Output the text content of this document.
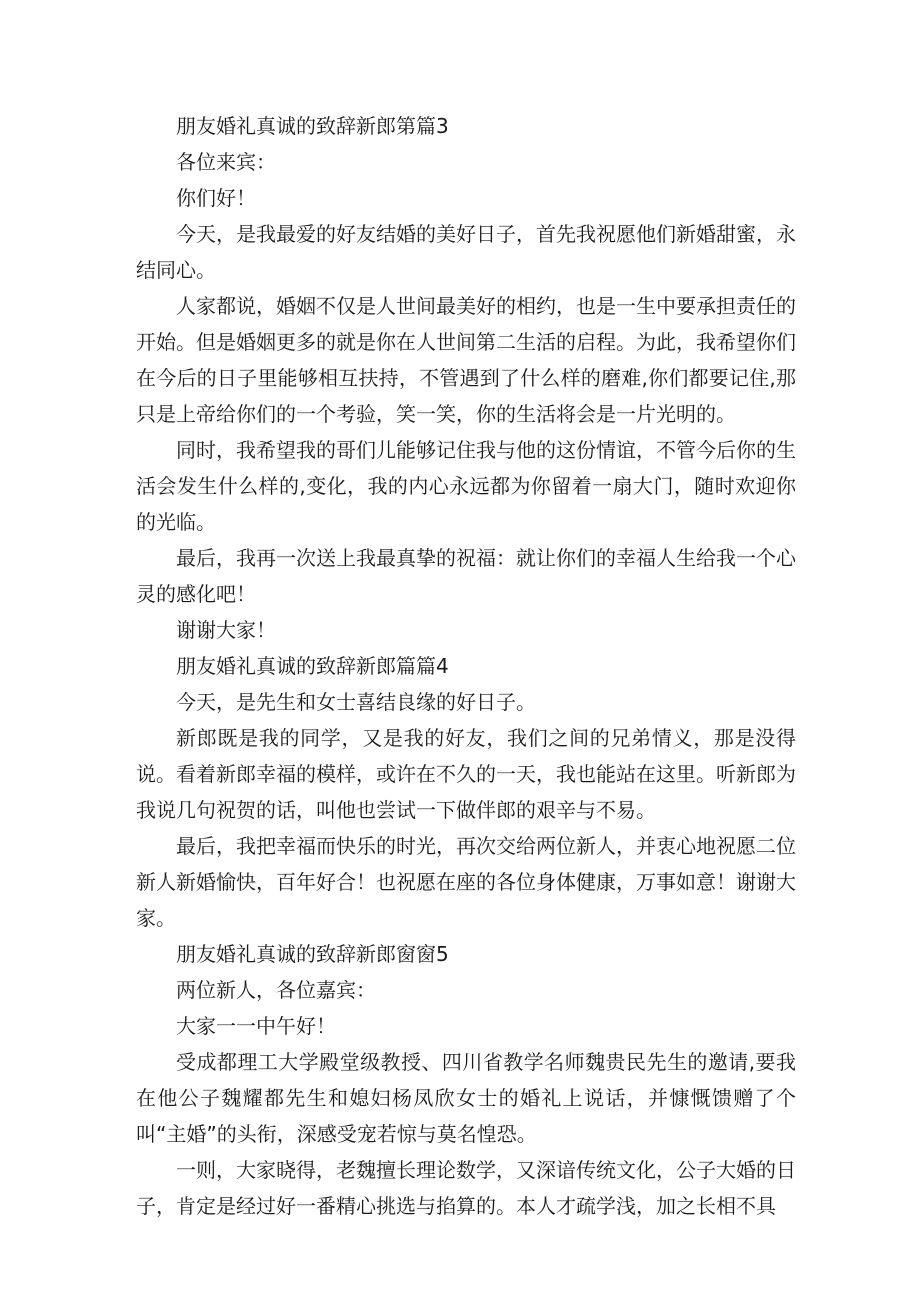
朋友婚礼真诚的致辞新郎第篇3

各位来宾：

你们好！

今天，是我最爱的好友结婚的美好日子，首先我祝愿他们新婚甜蜜，永结同心。

人家都说，婚姻不仅是人世间最美好的相约，也是一生中要承担责任的开始。但是婚姻更多的就是你在人世间第二生活的启程。为此，我希望你们在今后的日子里能够相互扶持，不管遇到了什么样的磨难,你们都要记住,那只是上帝给你们的一个考验，笑一笑，你的生活将会是一片光明的。

同时，我希望我的哥们儿能够记住我与他的这份情谊，不管今后你的生活会发生什么样的,变化，我的内心永远都为你留着一扇大门，随时欢迎你的光临。

最后，我再一次送上我最真挚的祝福：就让你们的幸福人生给我一个心灵的感化吧！

谢谢大家！

朋友婚礼真诚的致辞新郎篇篇4

今天，是先生和女士喜结良缘的好日子。

新郎既是我的同学，又是我的好友，我们之间的兄弟情义，那是没得说。看着新郎幸福的模样，或许在不久的一天，我也能站在这里。听新郎为我说几句祝贺的话，叫他也尝试一下做伴郎的艰辛与不易。

最后，我把幸福而快乐的时光，再次交给两位新人，并衷心地祝愿二位新人新婚愉快，百年好合！也祝愿在座的各位身体健康，万事如意！谢谢大家。

朋友婚礼真诚的致辞新郎窗窗5

两位新人，各位嘉宾：

大家一一中午好！

受成都理工大学殿堂级教授、四川省教学名师魏贵民先生的邀请,要我在他公子魏耀都先生和媳妇杨凤欣女士的婚礼上说话，并慷慨馈赠了个叫“主婚”的头衔，深感受宠若惊与莫名惶恐。

一则，大家晓得，老魏擅长理论数学，又深谙传统文化，公子大婚的日子，肯定是经过好一番精心挑选与掐算的。本人才疏学浅，加之长相不具
